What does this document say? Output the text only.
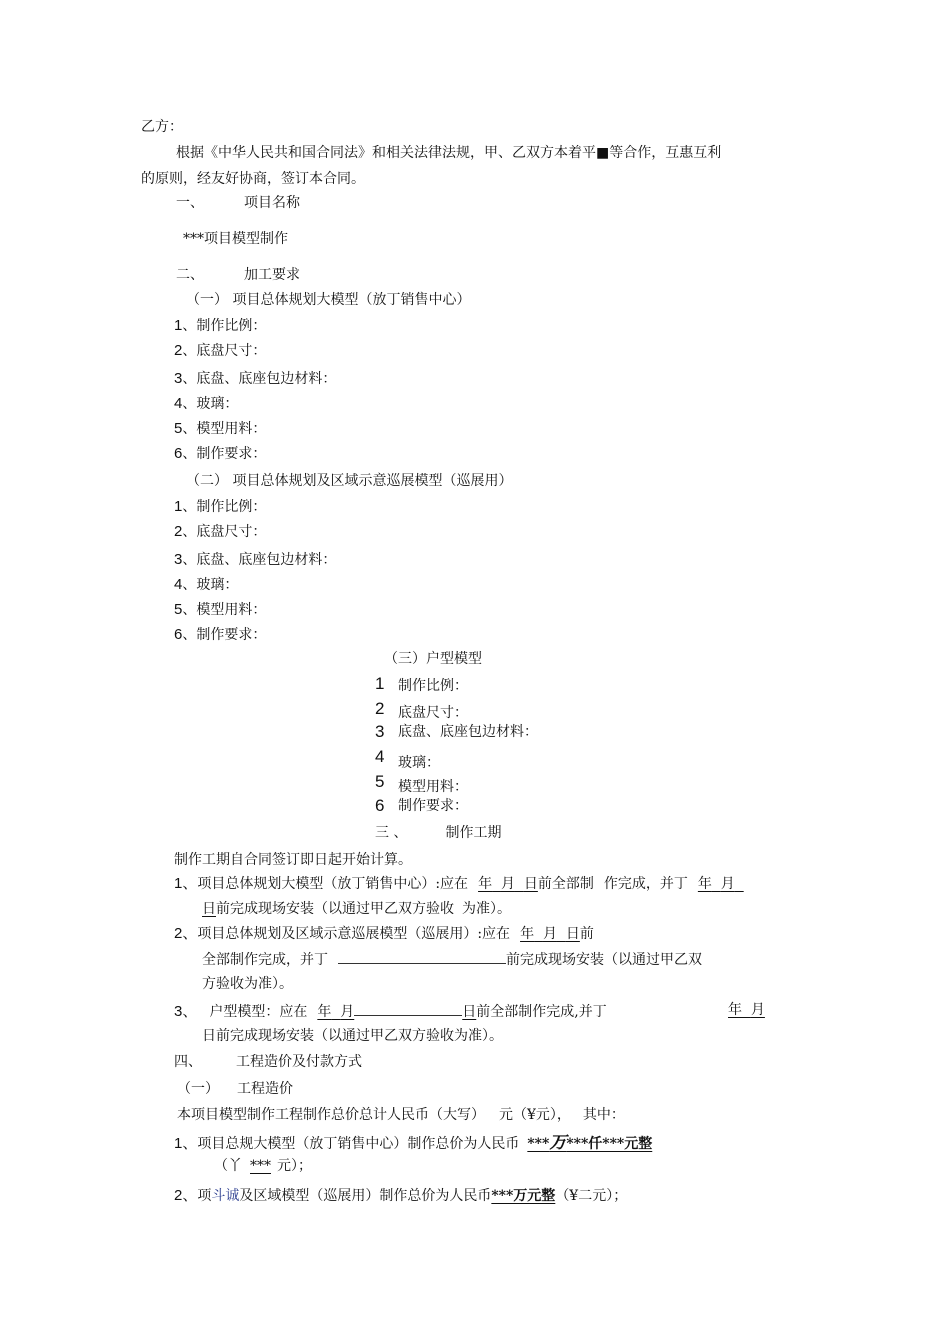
乙方：
根据《中华人民共和国合同法》和相关法律法规，甲、乙双方本着平■等合作，互惠互利
的原则，经友好协商，签订本合同。
一、	项目名称
***项目模型制作
二、	加工要求
（一） 项目总体规划大模型（放丁销售中心）
1、制作比例：
2、底盘尺寸：
3、底盘、底座包边材料：
4、玻璃：
5、模型用料：
6、制作要求：
（二） 项目总体规划及区域示意巡展模型（巡展用）
1、制作比例：
2、底盘尺寸：
3、底盘、底座包边材料：
4、玻璃：
5、模型用料：
6、制作要求：
（三）户型模型
1 制作比例：
2 底盘尺寸：
3 底盘、底座包边材料：
4 玻璃：
5 模型用料：
6 制作要求：
三 、	制作工期
制作工期自合同签订即日起开始计算。
1、项目总体规划大模型（放丁销售中心）:应在 年 月 日前全部制 作完成，并丁 年 月
日前完成现场安装（以通过甲乙双方验收 为准）。
2、项目总体规划及区域示意巡展模型（巡展用）:应在 年 月 日前
全部制作完成，并丁	前完成现场安装（以通过甲乙双
方验收为准）。
3、 户型模型：应在 年 月	日前全部制作完成,并丁	年 月
日前完成现场安装（以通过甲乙双方验收为准）。
四、 工程造价及付款方式
（一） 工程造价
本项目模型制作工程制作总价总计人民币（大写） 元（¥元）， 其中：
1、项目总规大模型（放丁销售中心）制作总价为人民币 ***万***仟***元整
（丫 *** 元）；
2、项斗诚及区域模型（巡展用）制作总价为人民币***万元整（¥二元）；
